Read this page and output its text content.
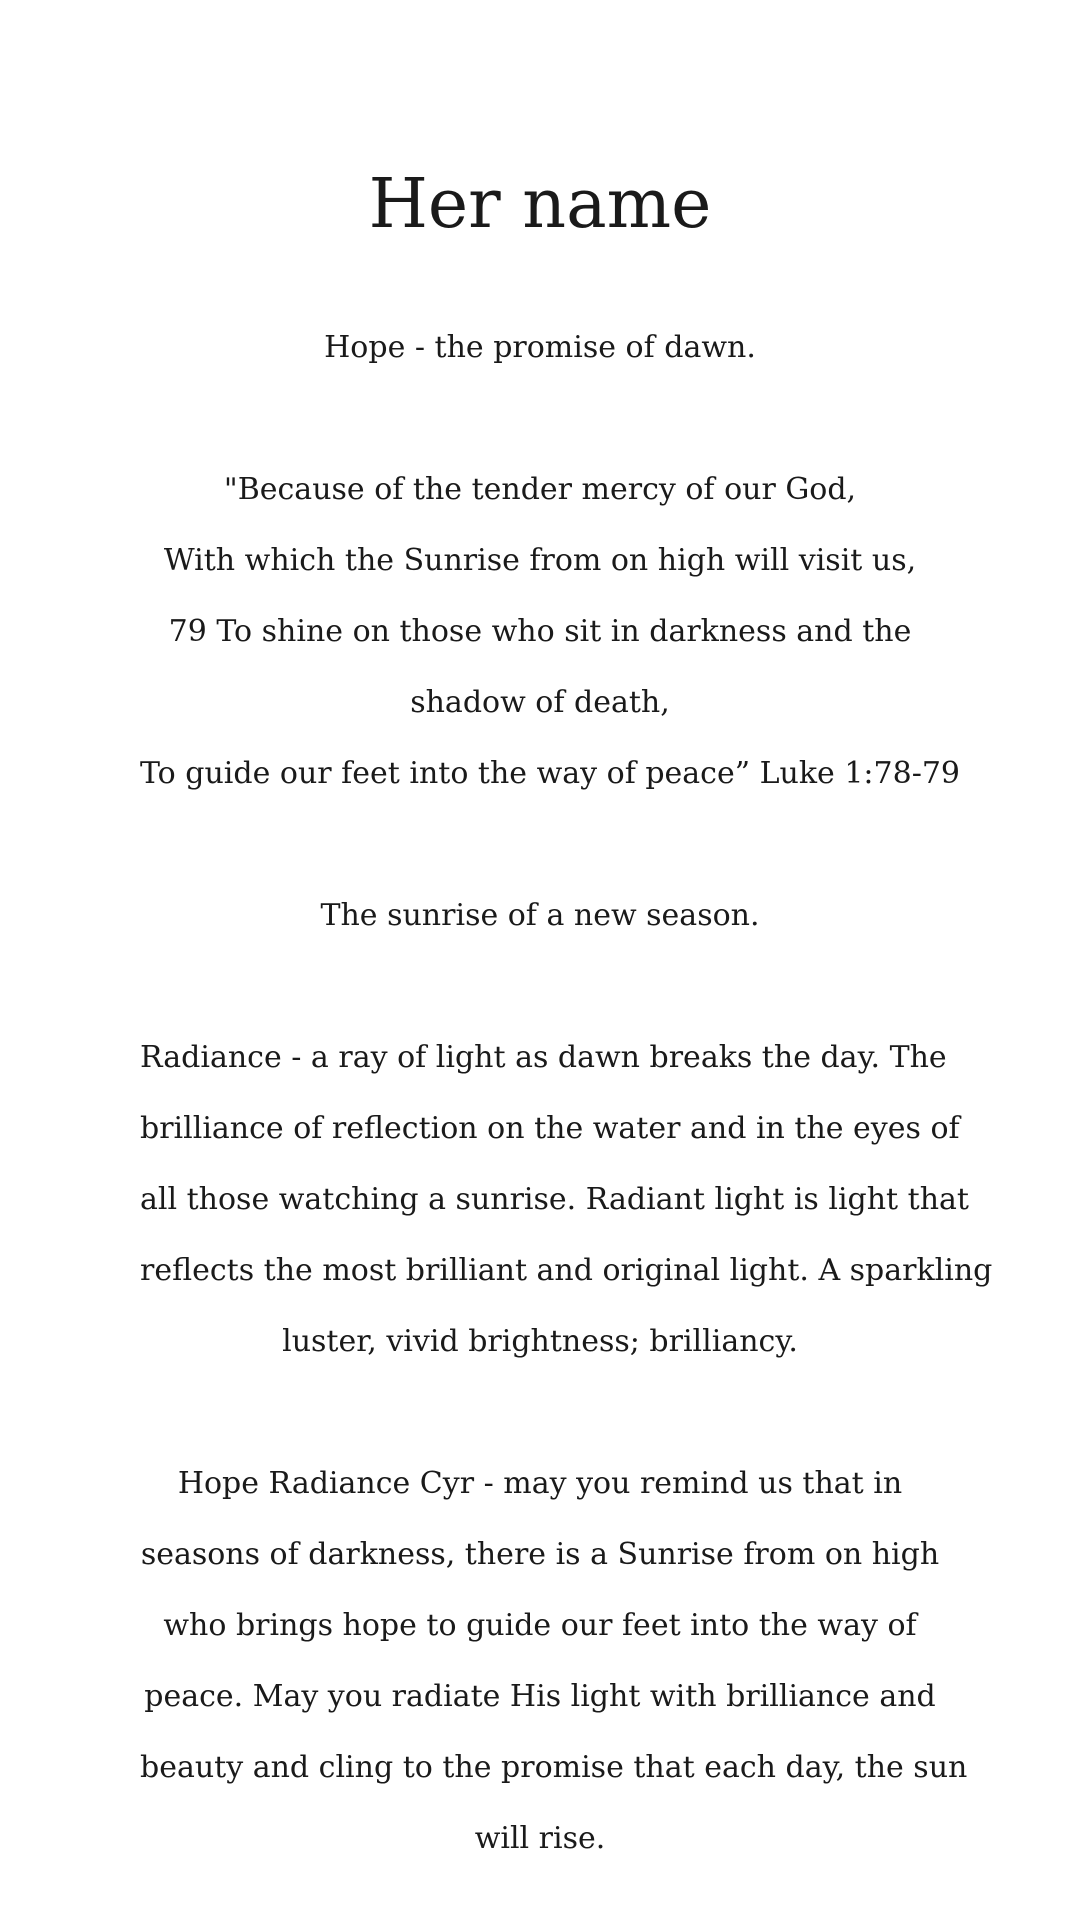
Her name

Hope - the promise of dawn.

"Because of the tender mercy of our God,
With which the Sunrise from on high will visit us,
79 To shine on those who sit in darkness and the
shadow of death,
To guide our feet into the way of peace” Luke 1:78-79

The sunrise of a new season.

Radiance - a ray of light as dawn breaks the day. The
brilliance of reflection on the water and in the eyes of
all those watching a sunrise. Radiant light is light that
reflects the most brilliant and original light. A sparkling
luster, vivid brightness; brilliancy.

Hope Radiance Cyr - may you remind us that in
seasons of darkness, there is a Sunrise from on high
who brings hope to guide our feet into the way of
peace. May you radiate His light with brilliance and
beauty and cling to the promise that each day, the sun
will rise.
